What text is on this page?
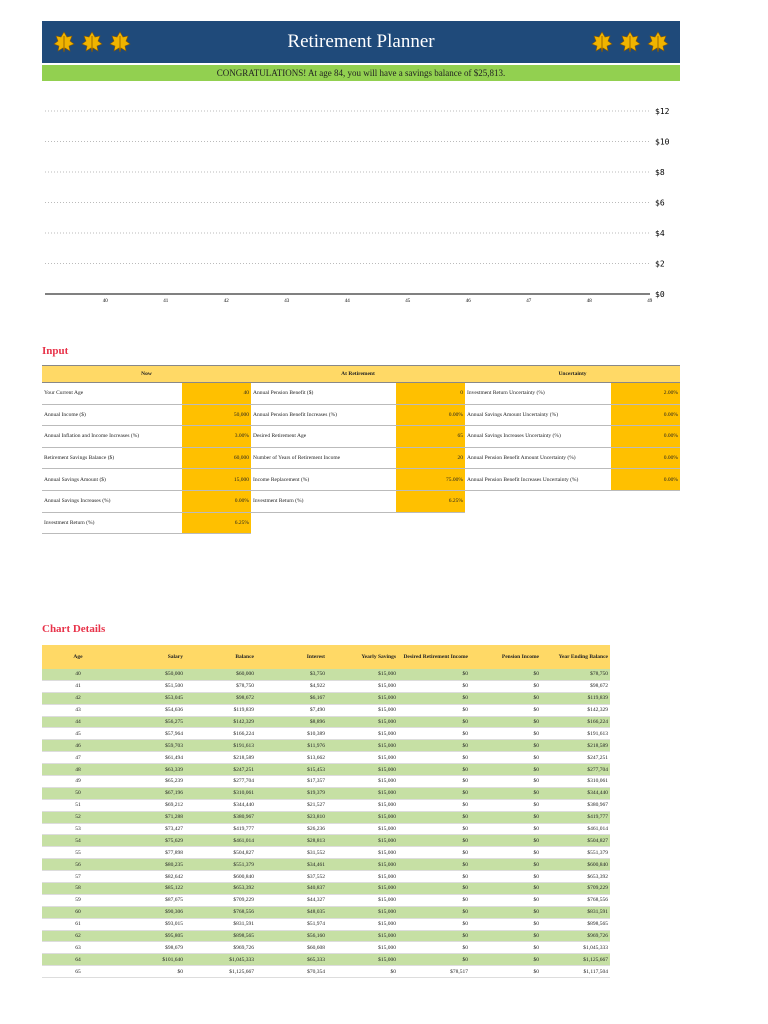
Retirement Planner
CONGRATULATIONS! At age 84, you will have a savings balance of $25,813.
$0
$2
$4
$6
$8
$10
$12
40	41	42	43	44	45	46	47	48	49
Input
Now		At Retirement		Uncertainty	
Your Current Age	40	Annual Pension Benefit ($)	0	Investment Return Uncertainty (%)	2.00%
Annual Income ($)	50,000	Annual Pension Benefit Increases (%)	0.00%	Annual Savings Amount Uncertainty (%)	0.00%
Annual Inflation and Income Increases (%)	3.00%	Desired Retirement Age	65	Annual Savings Increases Uncertainty (%)	0.00%
Retirement Savings Balance ($)	60,000	Number of Years of Retirement Income	20	Annual Pension Benefit Amount Uncertainty (%)	0.00%
Annual Savings Amount ($)	15,000	Income Replacement (%)	75.00%	Annual Pension Benefit Increases Uncertainty (%)	0.00%
Annual Savings Increases (%)	0.00%	Investment Return (%)	6.25%		
Investment Return (%)	6.25%				
Chart Details
Age	Salary	Balance	Interest	Yearly Savings	Desired Retirement Income	Pension Income	Year Ending Balance
40	$50,000	$60,000	$3,750	$15,000	$0	$0	$78,750
41	$51,500	$78,750	$4,922	$15,000	$0	$0	$98,672
42	$53,045	$98,672	$6,167	$15,000	$0	$0	$119,839
43	$54,636	$119,839	$7,490	$15,000	$0	$0	$142,329
44	$56,275	$142,329	$8,896	$15,000	$0	$0	$166,224
45	$57,964	$166,224	$10,389	$15,000	$0	$0	$191,613
46	$59,703	$191,613	$11,976	$15,000	$0	$0	$218,589
47	$61,494	$218,589	$13,662	$15,000	$0	$0	$247,251
48	$63,339	$247,251	$15,453	$15,000	$0	$0	$277,704
49	$65,239	$277,704	$17,357	$15,000	$0	$0	$310,061
50	$67,196	$310,061	$19,379	$15,000	$0	$0	$344,440
51	$69,212	$344,440	$21,527	$15,000	$0	$0	$380,967
52	$71,288	$380,967	$23,810	$15,000	$0	$0	$419,777
53	$73,427	$419,777	$26,236	$15,000	$0	$0	$461,014
54	$75,629	$461,014	$28,813	$15,000	$0	$0	$504,827
55	$77,898	$504,827	$31,552	$15,000	$0	$0	$551,379
56	$80,235	$551,379	$34,461	$15,000	$0	$0	$600,840
57	$82,642	$600,840	$37,552	$15,000	$0	$0	$653,392
58	$85,122	$653,392	$40,837	$15,000	$0	$0	$709,229
59	$87,675	$709,229	$44,327	$15,000	$0	$0	$768,556
60	$90,306	$768,556	$48,035	$15,000	$0	$0	$831,591
61	$93,015	$831,591	$51,974	$15,000	$0	$0	$898,565
62	$95,805	$898,565	$56,160	$15,000	$0	$0	$969,726
63	$98,679	$969,726	$60,608	$15,000	$0	$0	$1,045,333
64	$101,640	$1,045,333	$65,333	$15,000	$0	$0	$1,125,667
65	$0	$1,125,667	$70,354	$0	$78,517	$0	$1,117,504
